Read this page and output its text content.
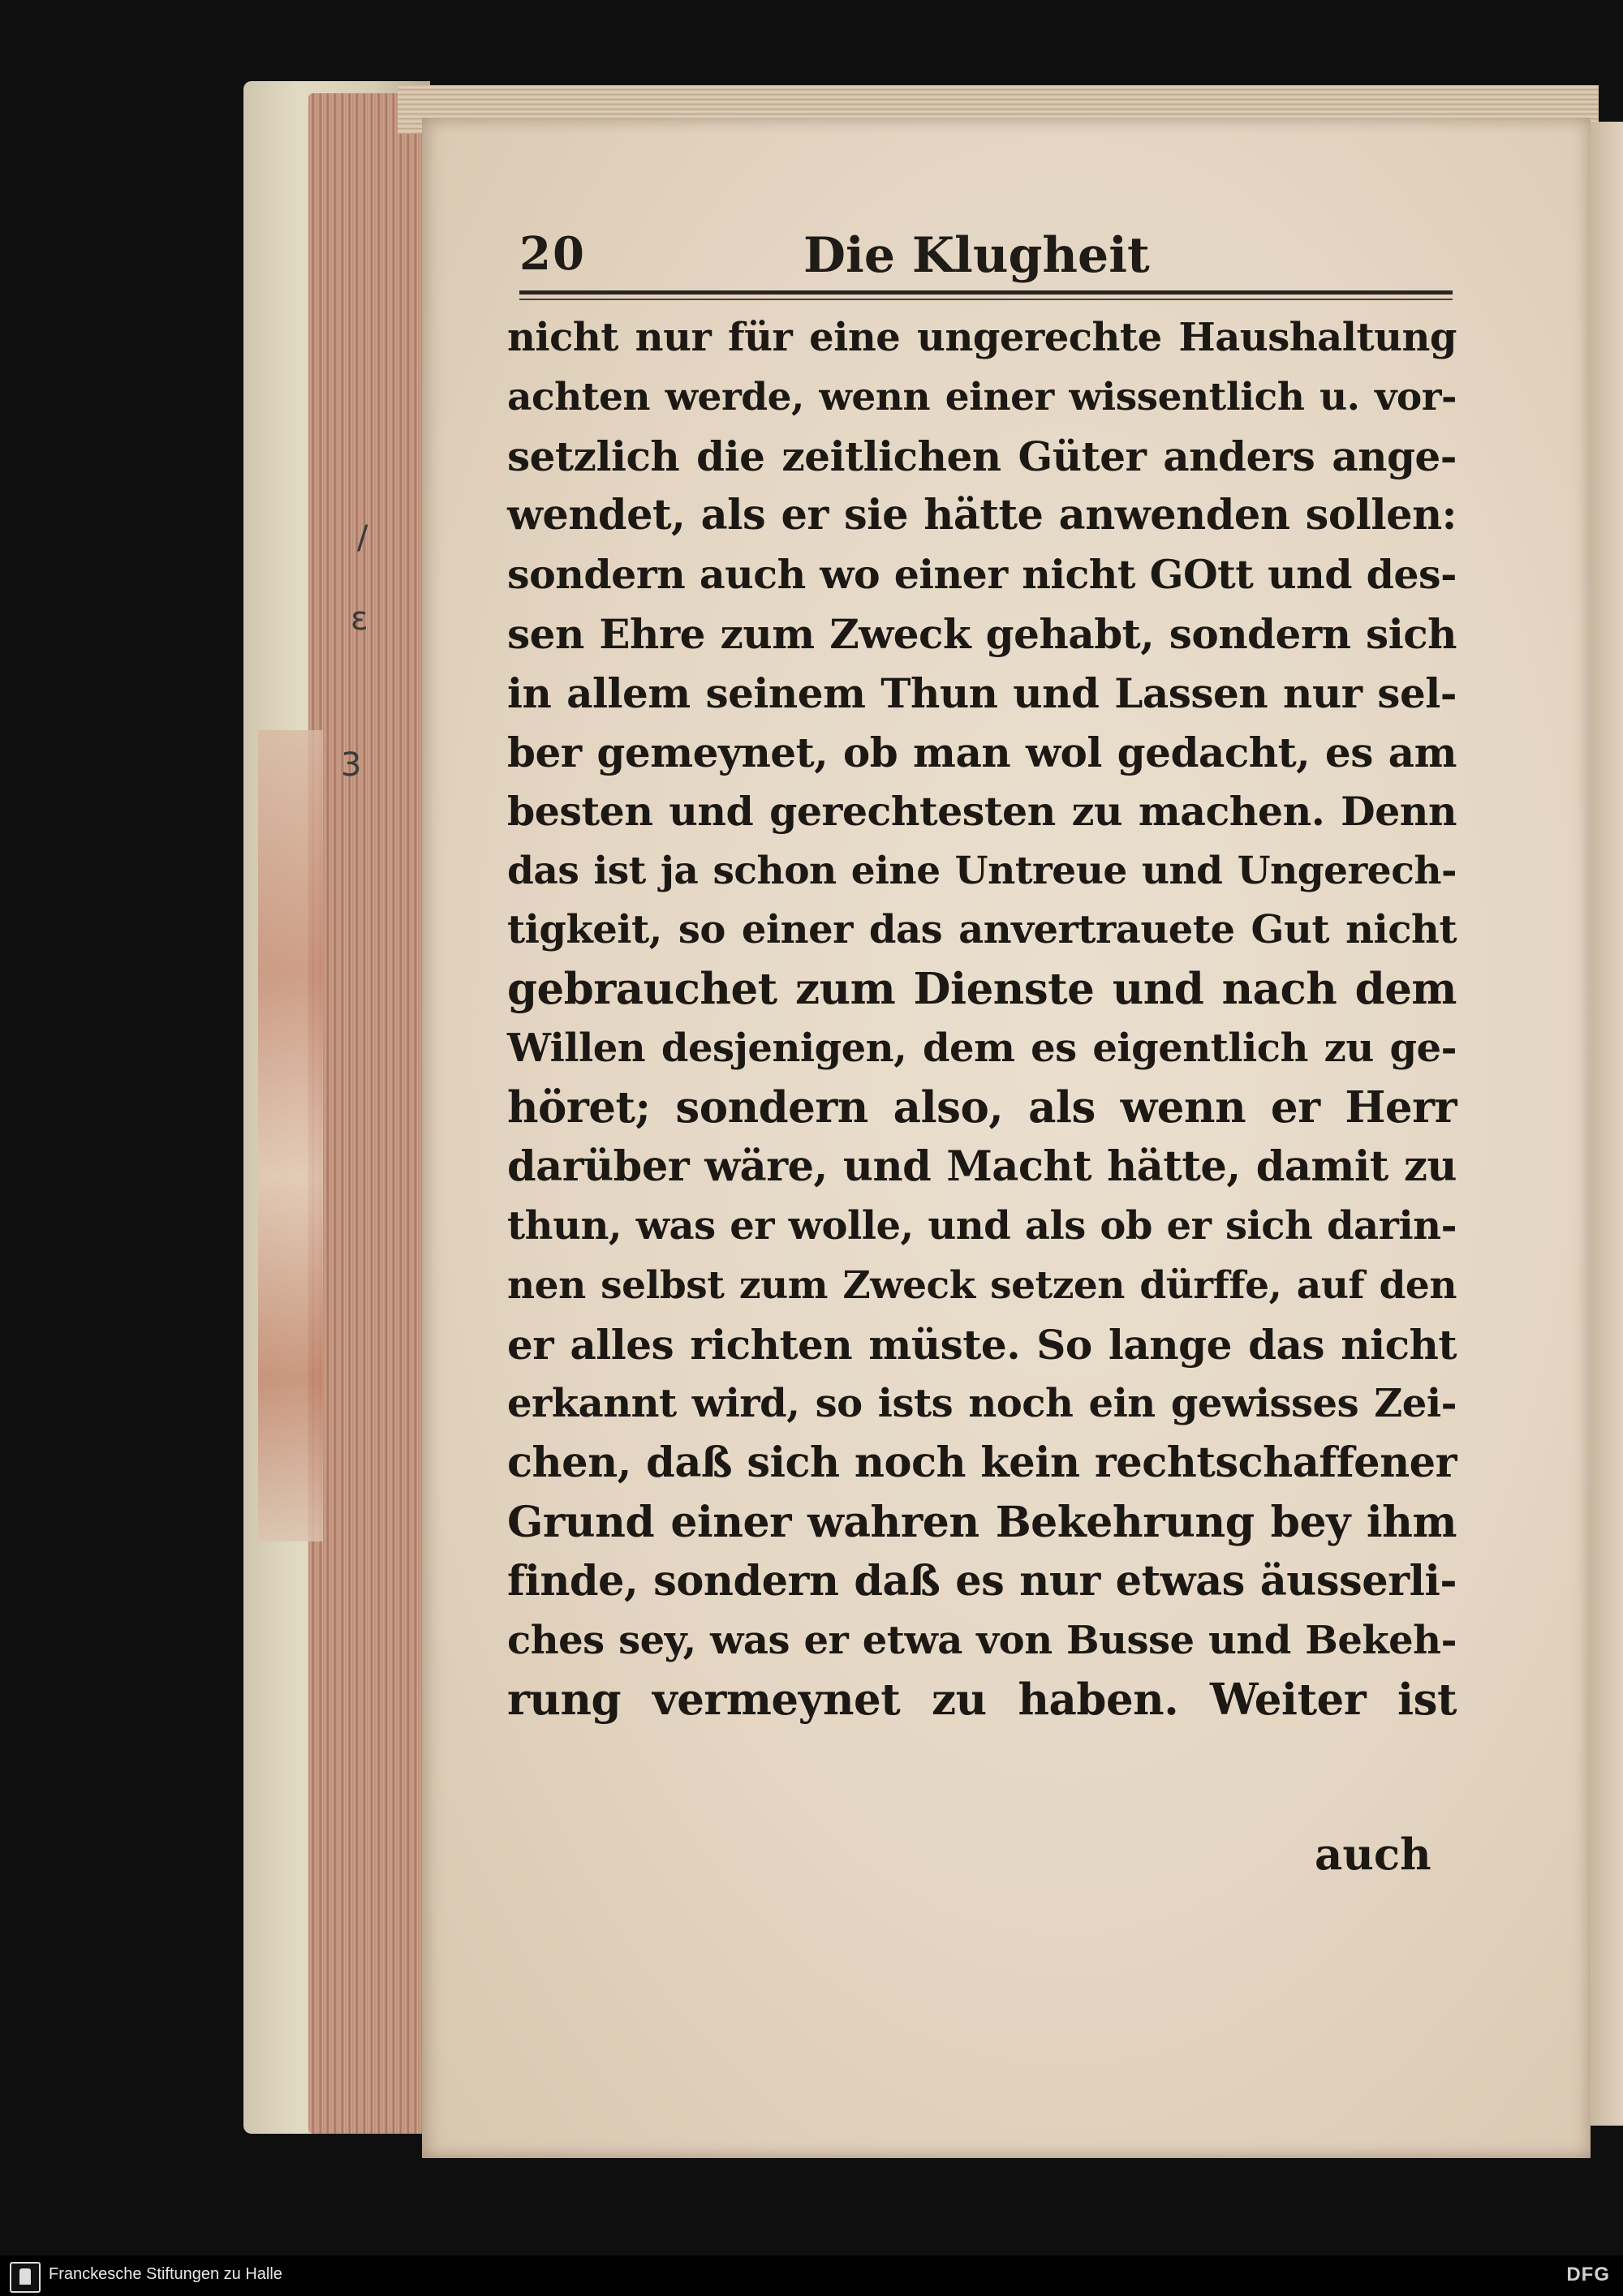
/
ɛ
3
20	Die Klugheit
nicht nur für eine ungerechte Haushaltung
achten werde, wenn einer wissentlich u. vor-
setzlich die zeitlichen Güter anders ange-
wendet, als er sie hätte anwenden sollen:
sondern auch wo einer nicht GOtt und des-
sen Ehre zum Zweck gehabt, sondern sich
in allem seinem Thun und Lassen nur sel-
ber gemeynet, ob man wol gedacht, es am
besten und gerechtesten zu machen. Denn
das ist ja schon eine Untreue und Ungerech-
tigkeit, so einer das anvertrauete Gut nicht
gebrauchet zum Dienste und nach dem
Willen desjenigen, dem es eigentlich zu ge-
höret; sondern also, als wenn er Herr
darüber wäre, und Macht hätte, damit zu
thun, was er wolle, und als ob er sich darin-
nen selbst zum Zweck setzen dürffe, auf den
er alles richten müste. So lange das nicht
erkannt wird, so ists noch ein gewisses Zei-
chen, daß sich noch kein rechtschaffener
Grund einer wahren Bekehrung bey ihm
finde, sondern daß es nur etwas äusserli-
ches sey, was er etwa von Busse und Bekeh-
rung vermeynet zu haben. Weiter ist
auch
Franckesche Stiftungen zu Halle	DFG
